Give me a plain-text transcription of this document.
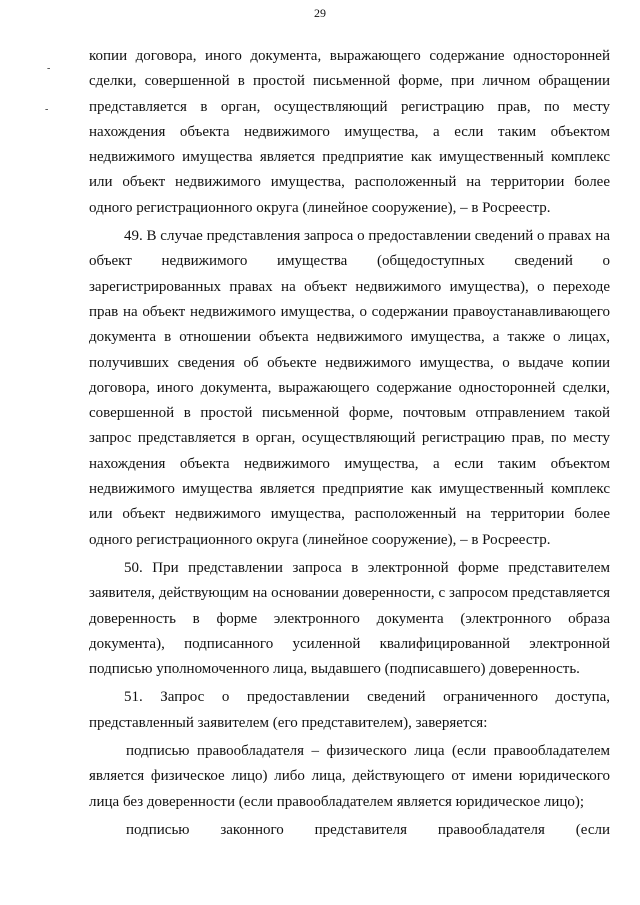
29
-
-

копии договора, иного документа, выражающего содержание односторонней сделки, совершенной в простой письменной форме, при личном обращении представляется в орган, осуществляющий регистрацию прав, по месту нахождения объекта недвижимого имущества, а если таким объектом недвижимого имущества является предприятие как имущественный комплекс или объект недвижимого имущества, расположенный на территории более одного регистрационного округа (линейное сооружение), – в Росреестр.

49. В случае представления запроса о предоставлении сведений о правах на объект недвижимого имущества (общедоступных сведений о зарегистрированных правах на объект недвижимого имущества), о переходе прав на объект недвижимого имущества, о содержании правоустанавливающего документа в отношении объекта недвижимого имущества, а также о лицах, получивших сведения об объекте недвижимого имущества, о выдаче копии договора, иного документа, выражающего содержание односторонней сделки, совершенной в простой письменной форме, почтовым отправлением такой запрос представляется в орган, осуществляющий регистрацию прав, по месту нахождения объекта недвижимого имущества, а если таким объектом недвижимого имущества является предприятие как имущественный комплекс или объект недвижимого имущества, расположенный на территории более одного регистрационного округа (линейное сооружение), – в Росреестр.

50. При представлении запроса в электронной форме представителем заявителя, действующим на основании доверенности, с запросом представляется доверенность в форме электронного документа (электронного образа документа), подписанного усиленной квалифицированной электронной подписью уполномоченного лица, выдавшего (подписавшего) доверенность.

51. Запрос о предоставлении сведений ограниченного доступа, представленный заявителем (его представителем), заверяется:

подписью правообладателя – физического лица (если правообладателем является физическое лицо) либо лица, действующего от имени юридического лица без доверенности (если правообладателем является юридическое лицо);

подписью законного представителя правообладателя (если
